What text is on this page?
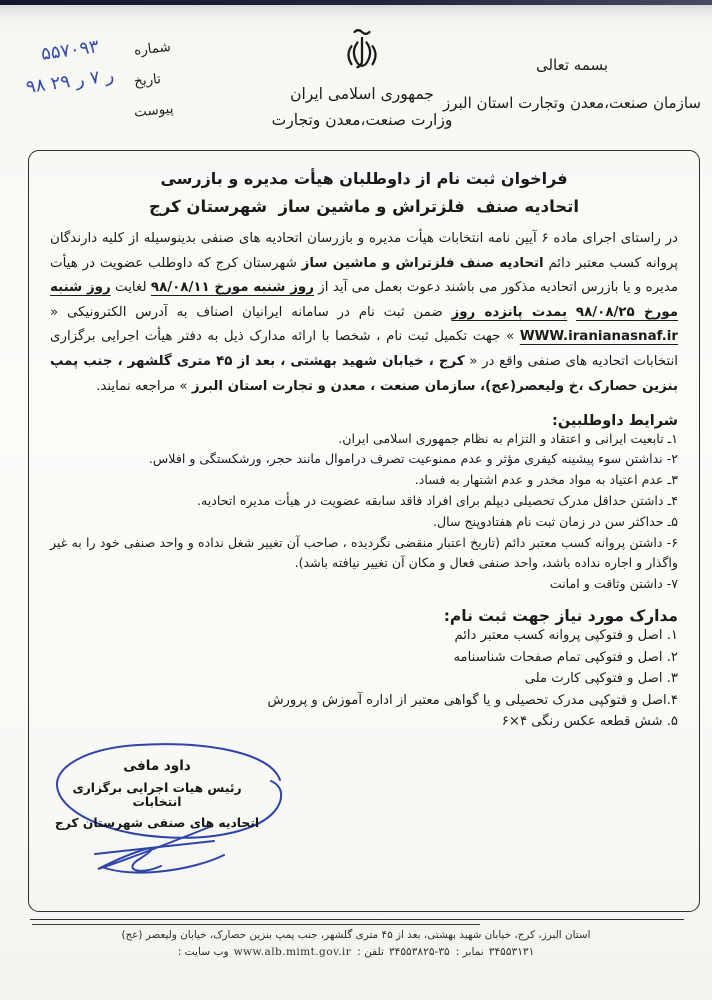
شماره
۵۵۷۰۹۳
تاریخ
۹۸ ر ۷ ر ۲۹
پیوست
جمهوری اسلامی ایران
وزارت صنعت،معدن وتجارت
بسمه تعالی
سازمان صنعت،معدن وتجارت استان البرز
فراخوان ثبت نام از داوطلبان هیأت مدیره و بازرسی
اتحادیه صنف  فلزتراش و ماشین ساز  شهرستان کرج

در راستای اجرای ماده ۶ آیین نامه انتخابات هیأت مدیره و بازرسان اتحادیه های صنفی بدینوسیله از کلیه دارندگان پروانه کسب معتبر دائم اتحادیه صنف فلزتراش و ماشین ساز شهرستان کرج که داوطلب عضویت در هیأت مدیره و یا بازرس اتحادیه مذکور می باشند دعوت بعمل می آید از روز شنبه مورخ ۹۸/۰۸/۱۱ لغایت روز شنبه مورخ ۹۸/۰۸/۲۵ بمدت پانزده روز ضمن ثبت نام در سامانه ایرانیان اصناف به آدرس الکترونیکی « WWW.iranianasnaf.ir » جهت تکمیل ثبت نام ، شخصا با ارائه مدارک ذیل به دفتر هیأت اجرایی برگزاری انتخابات اتحادیه های صنفی واقع در « کرج ، خیابان شهید بهشتی ، بعد از ۴۵ متری گلشهر ، جنب پمپ بنزین حصارک ،خ ولیعصر(عج)، سازمان صنعت ، معدن و تجارت استان البرز » مراجعه نمایند.

شرایط داوطلبین:
۱ـ تابعیت ایرانی و اعتقاد و التزام به نظام جمهوری اسلامی ایران.
۲- نداشتن سوء پیشینه کیفری مؤثر و عدم ممنوعیت تصرف دراموال مانند حجر، ورشکستگی و افلاس.
۳ـ عدم اعتیاد به مواد مخدر و عدم اشتهار به فساد.
۴ـ داشتن حداقل مدرک تحصیلی دیپلم برای افراد فاقد سابقه عضویت در هیأت مدیره اتحادیه.
۵ـ حداکثر سن در زمان ثبت نام هفتادوپنج سال.
۶- داشتن پروانه کسب معتبر دائم (تاریخ اعتبار منقضی نگردیده ، صاحب آن تغییر شغل نداده و واحد صنفی خود را به غیر واگذار و اجاره نداده باشد، واحد صنفی فعال و مکان آن تغییر نیافته باشد).
۷- داشتن وثاقت و امانت
مدارک مورد نیاز جهت ثبت نام:
۱. اصل و فتوکپی پروانه کسب معتبر دائم
۲. اصل و فتوکپی تمام صفحات شناسنامه
۳. اصل و فتوکپی کارت ملی
۴.اصل و فتوکپی مدرک تحصیلی و یا گواهی معتبر از اداره آموزش و پرورش
۵. شش قطعه عکس رنگی ۴×۶
داود مافی
رئیس هیات اجرایی برگزاری انتخابات
اتحادیه های صنفی شهرستان کرج
استان البرز، کرج، خیابان شهید بهشتی، بعد از ۴۵ متری گلشهر، جنب پمپ بنزین حصارک، خیابان ولیعصر (عج)
وب سایت : www.alb.mimt.gov.ir تلفن : ۳۴۵۵۳۸۲۵-۳۵ نمابر : ۳۴۵۵۳۱۳۱
